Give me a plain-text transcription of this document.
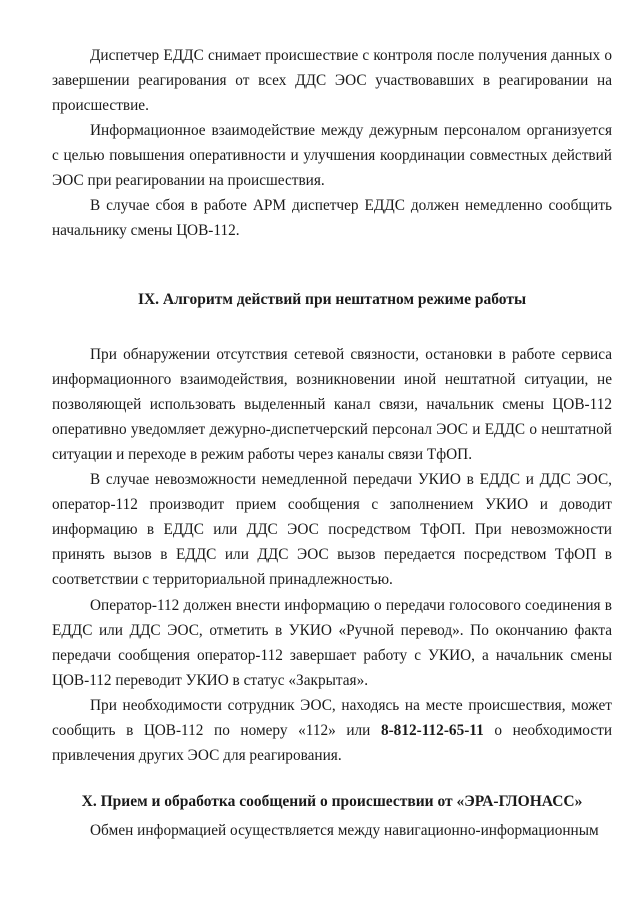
Диспетчер ЕДДС снимает происшествие с контроля после получения данных о завершении реагирования от всех ДДС ЭОС участвовавших в реагировании на происшествие.

Информационное взаимодействие между дежурным персоналом организуется с целью повышения оперативности и улучшения координации совместных действий ЭОС при реагировании на происшествия.

В случае сбоя в работе АРМ диспетчер ЕДДС должен немедленно сообщить начальнику смены ЦОВ-112.

IX. Алгоритм действий при нештатном режиме работы

При обнаружении отсутствия сетевой связности, остановки в работе сервиса информационного взаимодействия, возникновении иной нештатной ситуации, не позволяющей использовать выделенный канал связи, начальник смены ЦОВ-112 оперативно уведомляет дежурно-диспетчерский персонал ЭОС и ЕДДС о нештатной ситуации и переходе в режим работы через каналы связи ТфОП.

В случае невозможности немедленной передачи УКИО в ЕДДС и ДДС ЭОС, оператор-112 производит прием сообщения с заполнением УКИО и доводит информацию в ЕДДС или ДДС ЭОС посредством ТфОП. При невозможности принять вызов в ЕДДС или ДДС ЭОС вызов передается посредством ТфОП в соответствии с территориальной принадлежностью.

Оператор-112 должен внести информацию о передачи голосового соединения в ЕДДС или ДДС ЭОС, отметить в УКИО «Ручной перевод». По окончанию факта передачи сообщения оператор-112 завершает работу с УКИО, а начальник смены ЦОВ-112 переводит УКИО в статус «Закрытая».

При необходимости сотрудник ЭОС, находясь на месте происшествия, может сообщить в ЦОВ-112 по номеру «112» или 8-812-112-65-11 о необходимости привлечения других ЭОС для реагирования.

X. Прием и обработка сообщений о происшествии от «ЭРА-ГЛОНАСС»

Обмен информацией осуществляется между навигационно-информационным
